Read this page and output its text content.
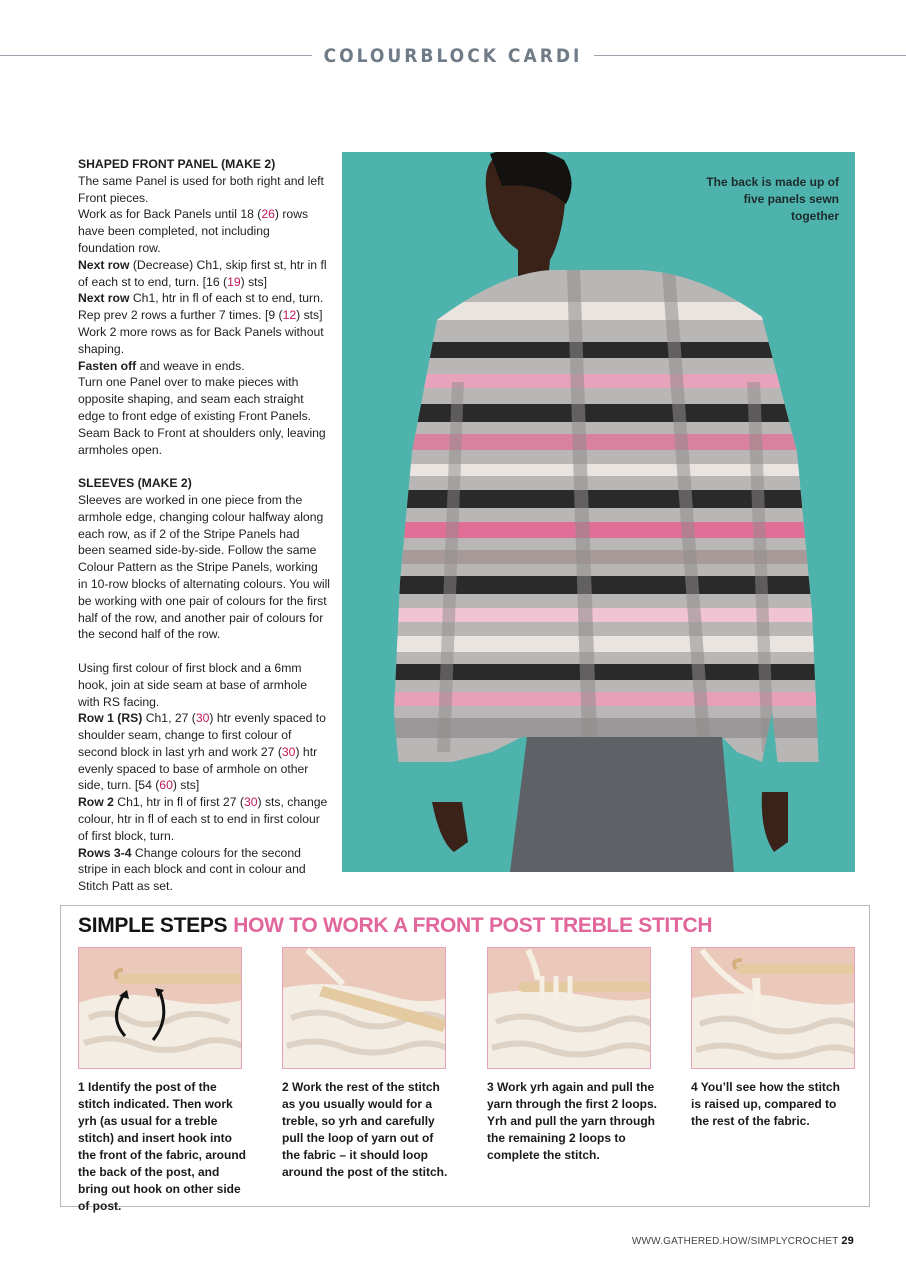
COLOURBLOCK CARDI

SHAPED FRONT PANEL (MAKE 2)

The same Panel is used for both right and left Front pieces.

Work as for Back Panels until 18 (26) rows have been completed, not including foundation row.

Next row (Decrease) Ch1, skip first st, htr in fl of each st to end, turn. [16 (19) sts]

Next row Ch1, htr in fl of each st to end, turn. Rep prev 2 rows a further 7 times. [9 (12) sts]

Work 2 more rows as for Back Panels without shaping.

Fasten off and weave in ends.

Turn one Panel over to make pieces with opposite shaping, and seam each straight edge to front edge of existing Front Panels. Seam Back to Front at shoulders only, leaving armholes open.

SLEEVES (MAKE 2)

Sleeves are worked in one piece from the armhole edge, changing colour halfway along each row, as if 2 of the Stripe Panels had been seamed side-by-side. Follow the same Colour Pattern as the Stripe Panels, working in 10-row blocks of alternating colours. You will be working with one pair of colours for the first half of the row, and another pair of colours for the second half of the row.

Using first colour of first block and a 6mm hook, join at side seam at base of armhole with RS facing.

Row 1 (RS) Ch1, 27 (30) htr evenly spaced to shoulder seam, change to first colour of second block in last yrh and work 27 (30) htr evenly spaced to base of armhole on other side, turn. [54 (60) sts]

Row 2 Ch1, htr in fl of first 27 (30) sts, change colour, htr in fl of each st to end in first colour of first block, turn.

Rows 3-4 Change colours for the second stripe in each block and cont in colour and Stitch Patt as set.

The back is made up of five panels sewn together
SIMPLE STEPS HOW TO WORK A FRONT POST TREBLE STITCH
1 Identify the post of the stitch indicated. Then work yrh (as usual for a treble stitch) and insert hook into the front of the fabric, around the back of the post, and bring out hook on other side of post.
2 Work the rest of the stitch as you usually would for a treble, so yrh and carefully pull the loop of yarn out of the fabric – it should loop around the post of the stitch.
3 Work yrh again and pull the yarn through the first 2 loops. Yrh and pull the yarn through the remaining 2 loops to complete the stitch.
4 You’ll see how the stitch is raised up, compared to the rest of the fabric.
WWW.GATHERED.HOW/SIMPLYCROCHET 29
